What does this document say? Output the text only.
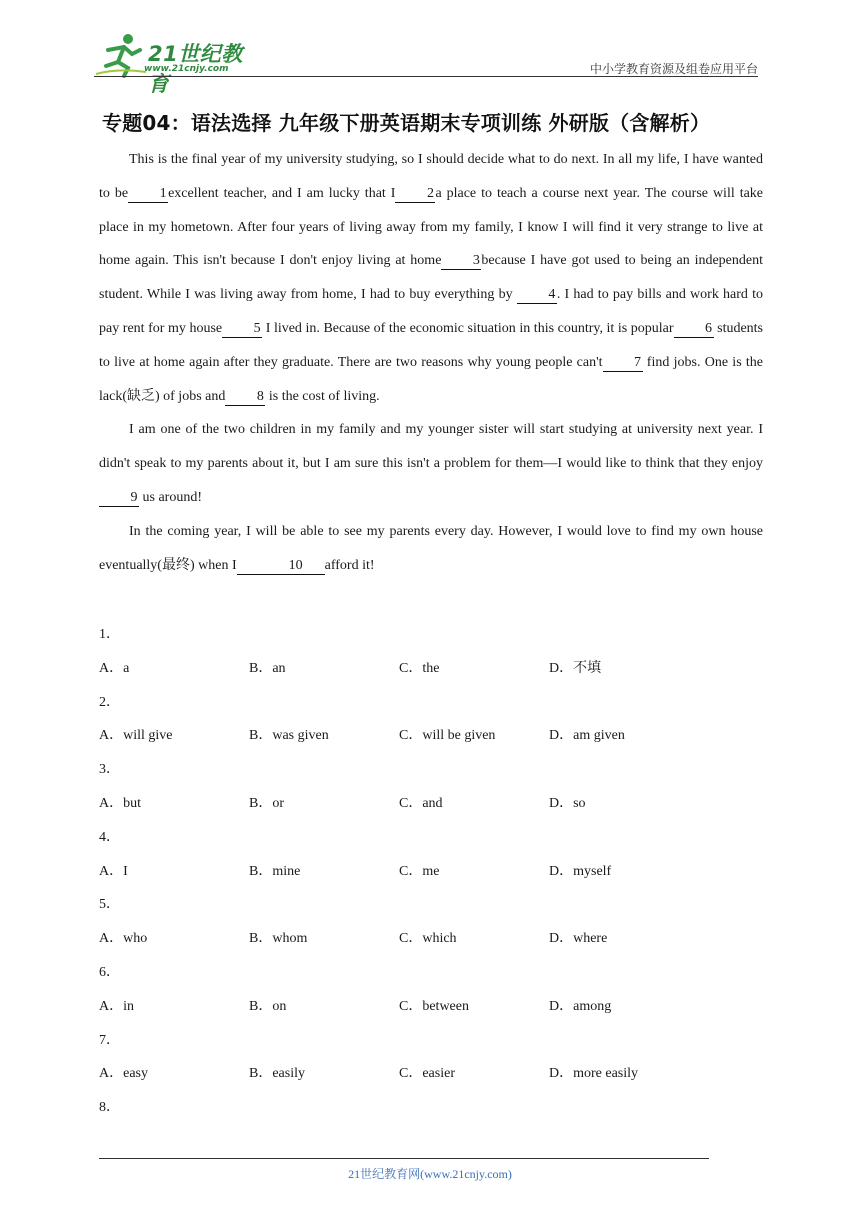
21世纪教育
www.21cnjy.com	中小学教育资源及组卷应用平台
专题04：语法选择 九年级下册英语期末专项训练 外研版（含解析）

This is the final year of my university studying, so I should decide what to do next. In all my life, I have wanted to be 1 excellent teacher, and I am lucky that I 2 a place to teach a course next year. The course will take place in my hometown. After four years of living away from my family, I know I will find it very strange to live at home again. This isn't because I don't enjoy living at home 3 because I have got used to being an independent student. While I was living away from home, I had to buy everything by 4 . I had to pay bills and work hard to pay rent for my house 5 I lived in. Because of the economic situation in this country, it is popular 6 students to live at home again after they graduate. There are two reasons why young people can't 7 find jobs. One is the lack(缺乏) of jobs and 8 is the cost of living.

I am one of the two children in my family and my younger sister will start studying at university next year. I didn't speak to my parents about it, but I am sure this isn't a problem for them—I would like to think that they enjoy9 us around!

In the coming year, I will be able to see my parents every day. However, I would love to find my own house eventually(最终) when I	10 afford it!

1．
A．a	B．an	C．the	D．不填
2．
A．will give	B．was given	C．will be given	D．am given
3．
A．but	B．or	C．and	D．so
4．
A．I	B．mine	C．me	D．myself
5．
A．who	B．whom	C．which	D．where
6．
A．in	B．on	C．between	D．among
7．
A．easy	B．easily	C．easier	D．more easily
8．
21世纪教育网(www.21cnjy.com)
